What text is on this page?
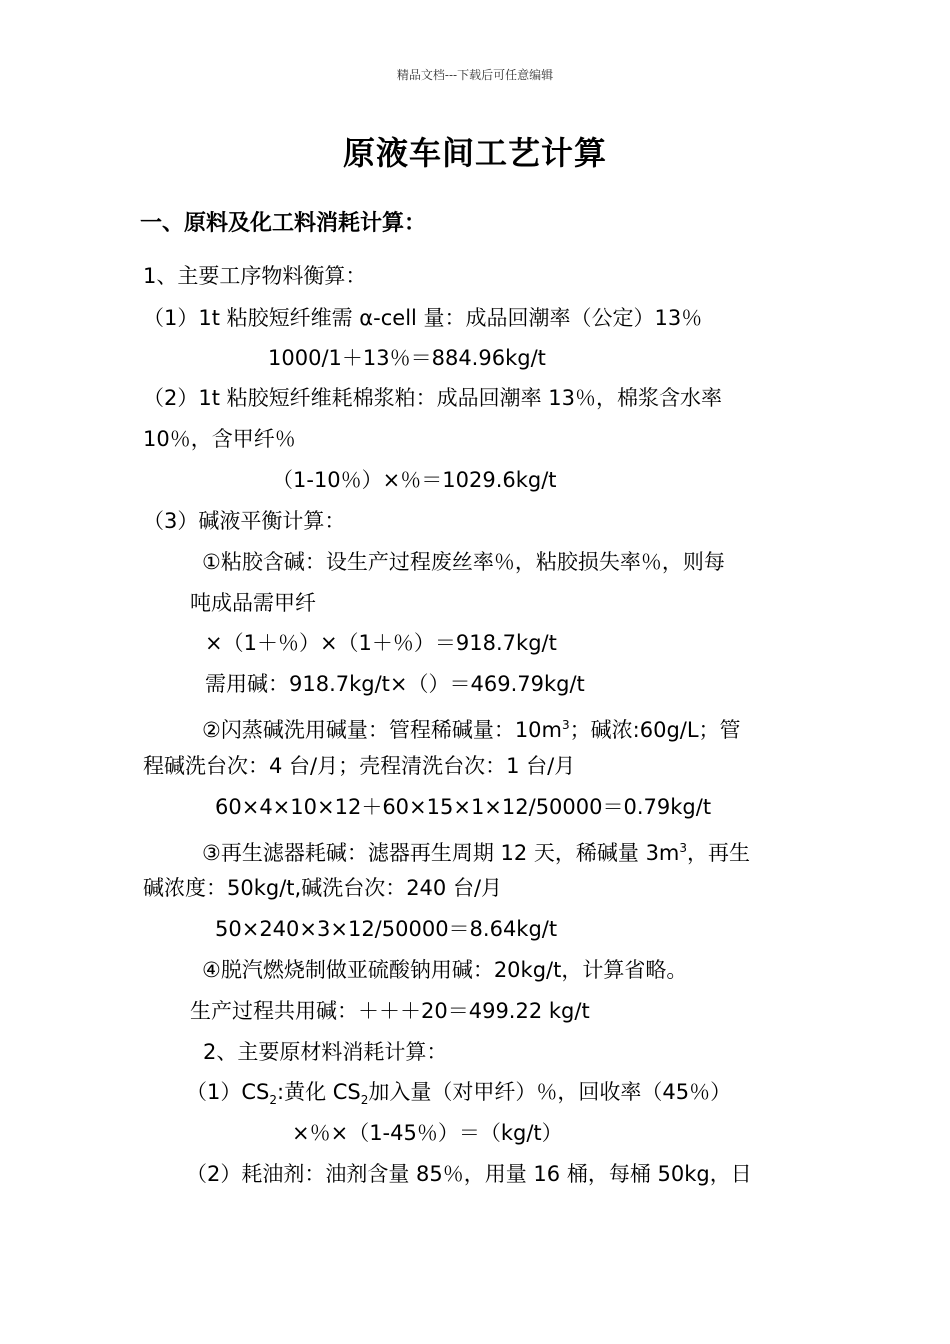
精品文档---下载后可任意编辑
原液车间工艺计算
一、原料及化工料消耗计算：
1、主要工序物料衡算：
（1）1t 粘胶短纤维需 α-cell 量：成品回潮率（公定）13％
1000/1＋13％＝884.96kg/t
（2）1t 粘胶短纤维耗棉浆粕：成品回潮率 13％，棉浆含水率
10％，含甲纤％
（1-10％）×％＝1029.6kg/t
（3）碱液平衡计算：
①粘胶含碱：设生产过程废丝率％，粘胶损失率％，则每
吨成品需甲纤
×（1＋％）×（1＋％）＝918.7kg/t
需用碱：918.7kg/t×（）＝469.79kg/t
②闪蒸碱洗用碱量：管程稀碱量：$10m^3$；碱浓:60g/L；管
程碱洗台次：4 台/月；壳程清洗台次：1 台/月
60×4×10×12＋60×15×1×12/50000＝0.79kg/t
③再生滤器耗碱：滤器再生周期 12 天，稀碱量 $3m^3$，再生
碱浓度：50kg/t,碱洗台次：240 台/月
50×240×3×12/50000＝8.64kg/t
④脱汽燃烧制做亚硫酸钠用碱：20kg/t，计算省略。
生产过程共用碱：＋＋＋20＝499.22 kg/t
2、主要原材料消耗计算：
$(1)CS_2$:黄化 $CS_2$加入量（对甲纤）％，回收率（45％）
×％×（1-45％）＝（kg/t）
（2）耗油剂：油剂含量 85％，用量 16 桶，每桶 50kg，日
